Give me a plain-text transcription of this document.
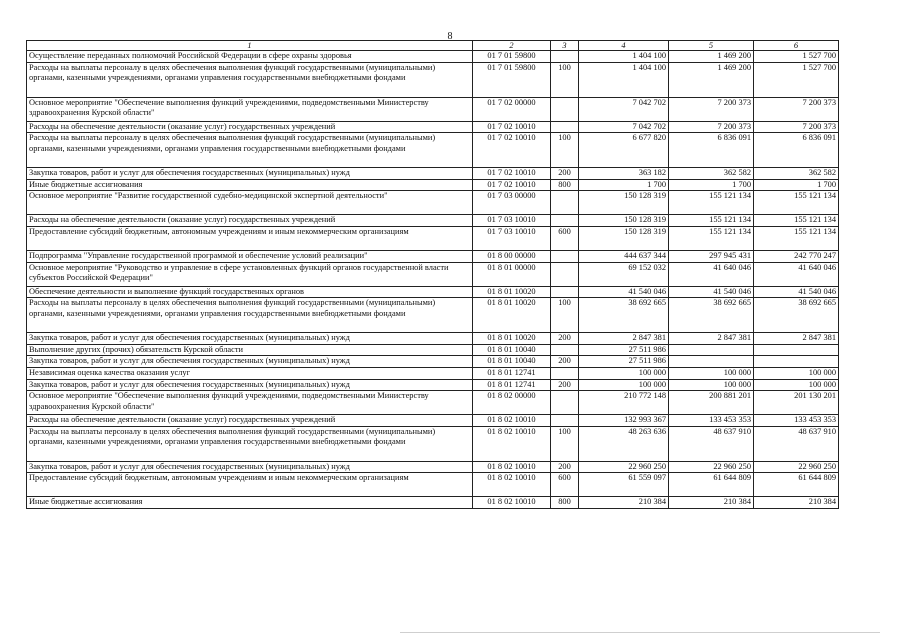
8
1	2	3	4	5	6
Осуществление переданных полномочий Российской Федерации в сфере охраны здоровья	01 7 01 59800		1 404 100	1 469 200	1 527 700
Расходы на выплаты персоналу в целях обеспечения выполнения функций государственными (муниципальными) органами, казенными учреждениями, органами управления государственными внебюджетными фондами	01 7 01 59800	100	1 404 100	1 469 200	1 527 700
Основное мероприятие "Обеспечение выполнения функций учреждениями, подведомственными Министерству здравоохранения Курской области"	01 7 02 00000		7 042 702	7 200 373	7 200 373
Расходы на обеспечение деятельности (оказание услуг) государственных учреждений	01 7 02 10010		7 042 702	7 200 373	7 200 373
Расходы на выплаты персоналу в целях обеспечения выполнения функций государственными (муниципальными) органами, казенными учреждениями, органами управления государственными внебюджетными фондами	01 7 02 10010	100	6 677 820	6 836 091	6 836 091
Закупка товаров, работ и услуг для обеспечения государственных (муниципальных) нужд	01 7 02 10010	200	363 182	362 582	362 582
Иные бюджетные ассигнования	01 7 02 10010	800	1 700	1 700	1 700
Основное мероприятие "Развитие государственной судебно-медицинской экспертной деятельности"	01 7 03 00000		150 128 319	155 121 134	155 121 134
Расходы на обеспечение деятельности (оказание услуг) государственных учреждений	01 7 03 10010		150 128 319	155 121 134	155 121 134
Предоставление субсидий бюджетным, автономным учреждениям и иным некоммерческим организациям	01 7 03 10010	600	150 128 319	155 121 134	155 121 134
Подпрограмма "Управление государственной программой и обеспечение условий реализации"	01 8 00 00000		444 637 344	297 945 431	242 770 247
Основное мероприятие "Руководство и управление в сфере установленных функций органов государственной власти субъектов Российской Федерации"	01 8 01 00000		69 152 032	41 640 046	41 640 046
Обеспечение деятельности и выполнение функций государственных органов	01 8 01 10020		41 540 046	41 540 046	41 540 046
Расходы на выплаты персоналу в целях обеспечения выполнения функций государственными (муниципальными) органами, казенными учреждениями, органами управления государственными внебюджетными фондами	01 8 01 10020	100	38 692 665	38 692 665	38 692 665
Закупка товаров, работ и услуг для обеспечения государственных (муниципальных) нужд	01 8 01 10020	200	2 847 381	2 847 381	2 847 381
Выполнение других (прочих) обязательств Курской области	01 8 01 10040		27 511 986		
Закупка товаров, работ и услуг для обеспечения государственных (муниципальных) нужд	01 8 01 10040	200	27 511 986		
Независимая оценка качества оказания услуг	01 8 01 12741		100 000	100 000	100 000
Закупка товаров, работ и услуг для обеспечения государственных (муниципальных) нужд	01 8 01 12741	200	100 000	100 000	100 000
Основное мероприятие "Обеспечение выполнения функций учреждениями, подведомственными Министерству здравоохранения Курской области"	01 8 02 00000		210 772 148	200 881 201	201 130 201
Расходы на обеспечение деятельности (оказание услуг) государственных учреждений	01 8 02 10010		132 993 367	133 453 353	133 453 353
Расходы на выплаты персоналу в целях обеспечения выполнения функций государственными (муниципальными) органами, казенными учреждениями, органами управления государственными внебюджетными фондами	01 8 02 10010	100	48 263 636	48 637 910	48 637 910
Закупка товаров, работ и услуг для обеспечения государственных (муниципальных) нужд	01 8 02 10010	200	22 960 250	22 960 250	22 960 250
Предоставление субсидий бюджетным, автономным учреждениям и иным некоммерческим организациям	01 8 02 10010	600	61 559 097	61 644 809	61 644 809
Иные бюджетные ассигнования	01 8 02 10010	800	210 384	210 384	210 384
